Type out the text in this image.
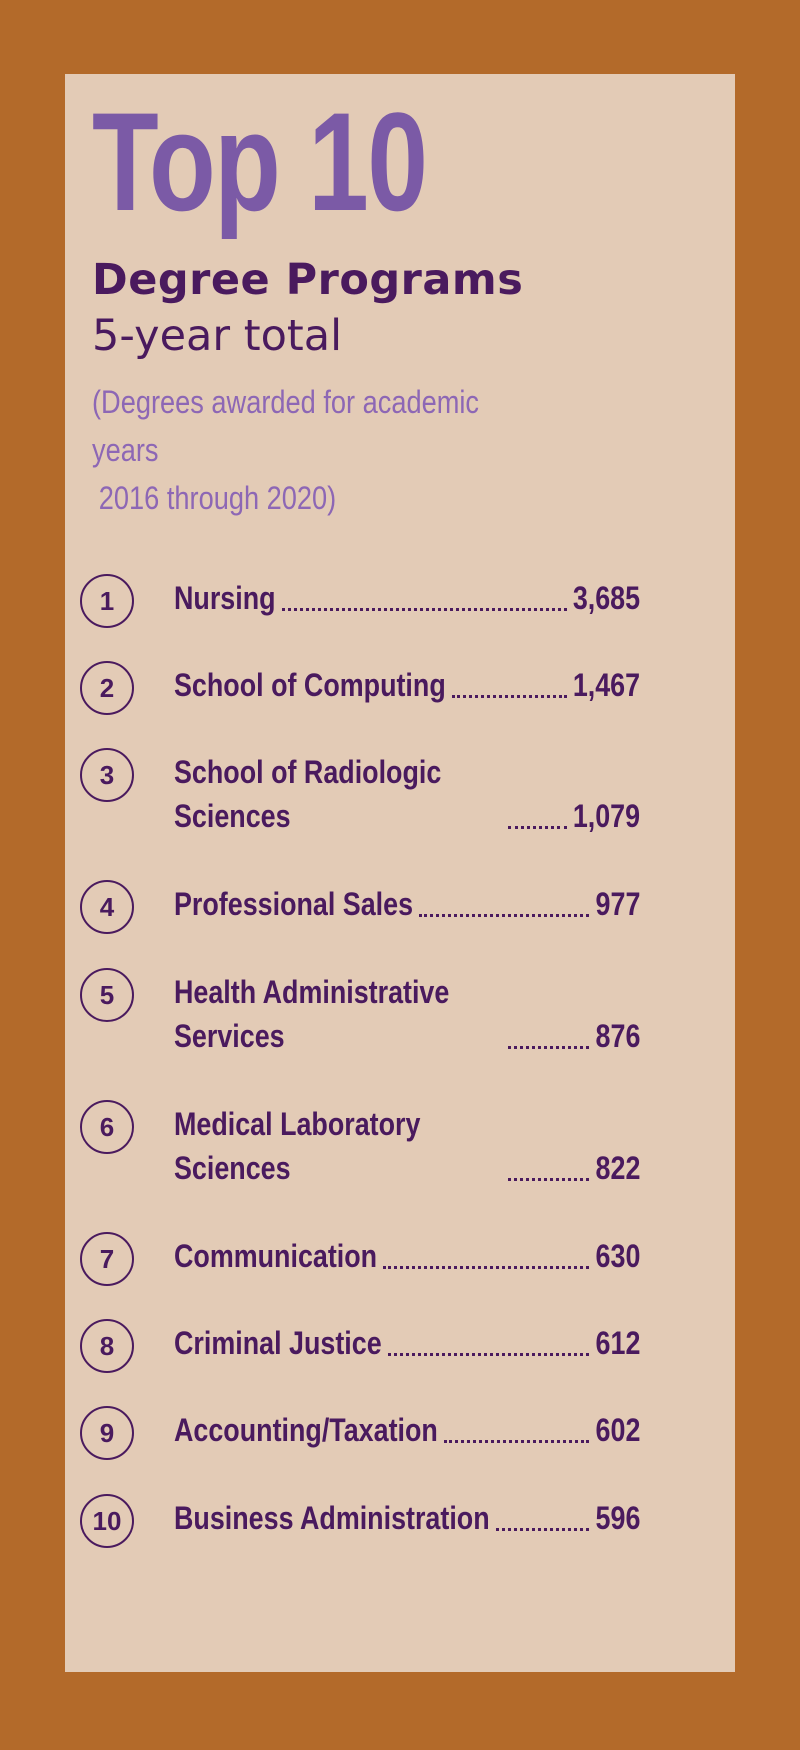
Top 10
Degree Programs
5-year total
(Degrees awarded for academic years
2016 through 2020)
1	Nursing	3,685
2	School of Computing	1,467
3	School of Radiologic
Sciences	1,079
4	Professional Sales	977
5	Health Administrative
Services	876
6	Medical Laboratory
Sciences	822
7	Communication	630
8	Criminal Justice	612
9	Accounting/Taxation	602
10	Business Administration	596
